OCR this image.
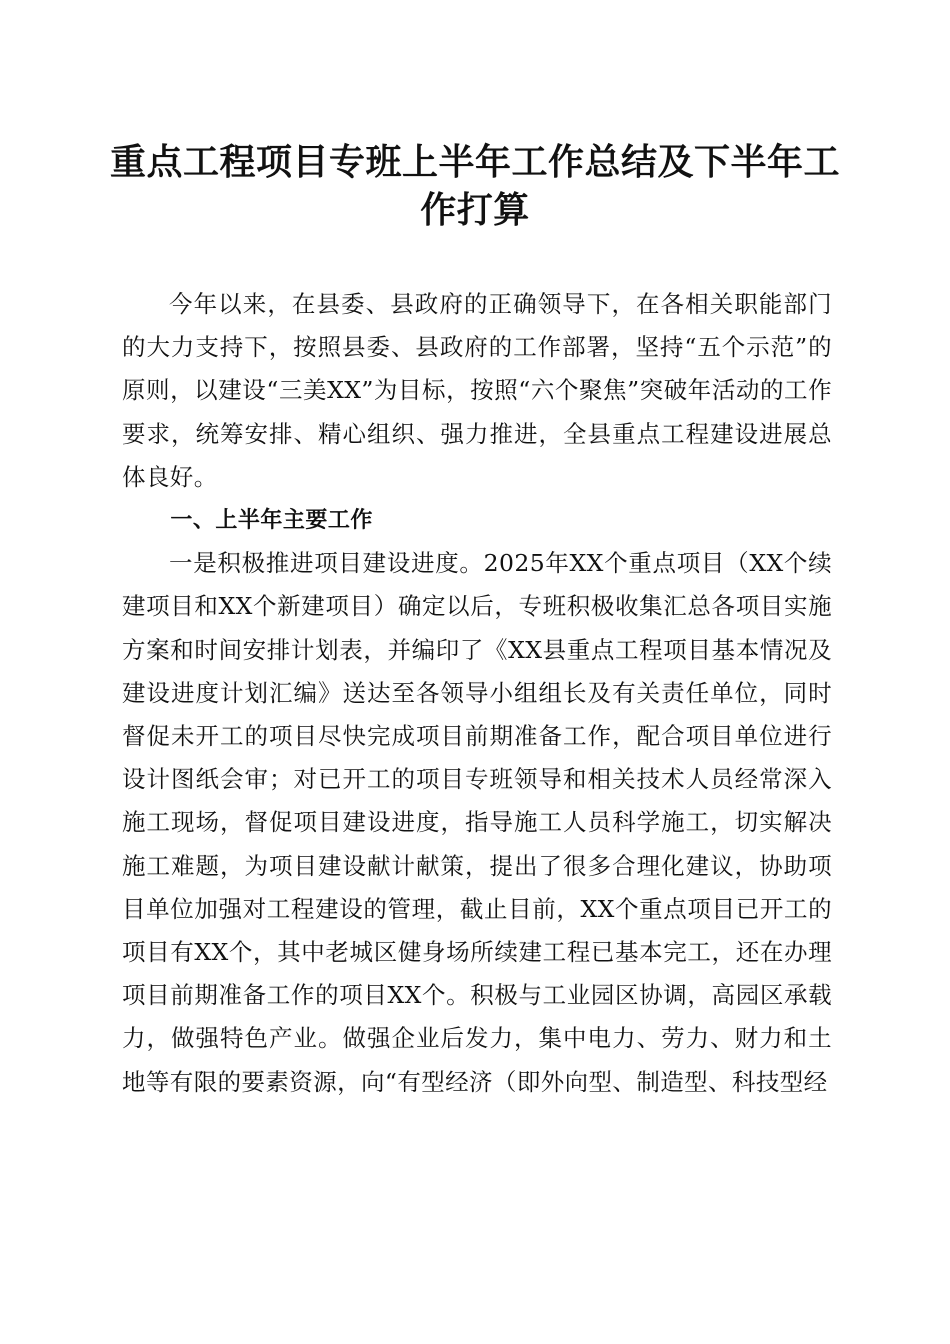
重点工程项目专班上半年工作总结及下半年工作打算

今年以来，在县委、县政府的正确领导下，在各相关职能部门的大力支持下，按照县委、县政府的工作部署，坚持“五个示范”的原则，以建设“三美XX”为目标，按照“六个聚焦”突破年活动的工作要求，统筹安排、精心组织、强力推进，全县重点工程建设进展总体良好。

一、上半年主要工作

一是积极推进项目建设进度。2025年XX个重点项目（XX个续建项目和XX个新建项目）确定以后，专班积极收集汇总各项目实施方案和时间安排计划表，并编印了《XX县重点工程项目基本情况及建设进度计划汇编》送达至各领导小组组长及有关责任单位，同时督促未开工的项目尽快完成项目前期准备工作，配合项目单位进行设计图纸会审；对已开工的项目专班领导和相关技术人员经常深入施工现场，督促项目建设进度，指导施工人员科学施工，切实解决施工难题，为项目建设献计献策，提出了很多合理化建议，协助项目单位加强对工程建设的管理，截止目前，XX个重点项目已开工的项目有XX个，其中老城区健身场所续建工程已基本完工，还在办理项目前期准备工作的项目XX个。积极与工业园区协调，高园区承载力，做强特色产业。做强企业后发力，集中电力、劳力、财力和土地等有限的要素资源，向“有型经济（即外向型、制造型、科技型经
